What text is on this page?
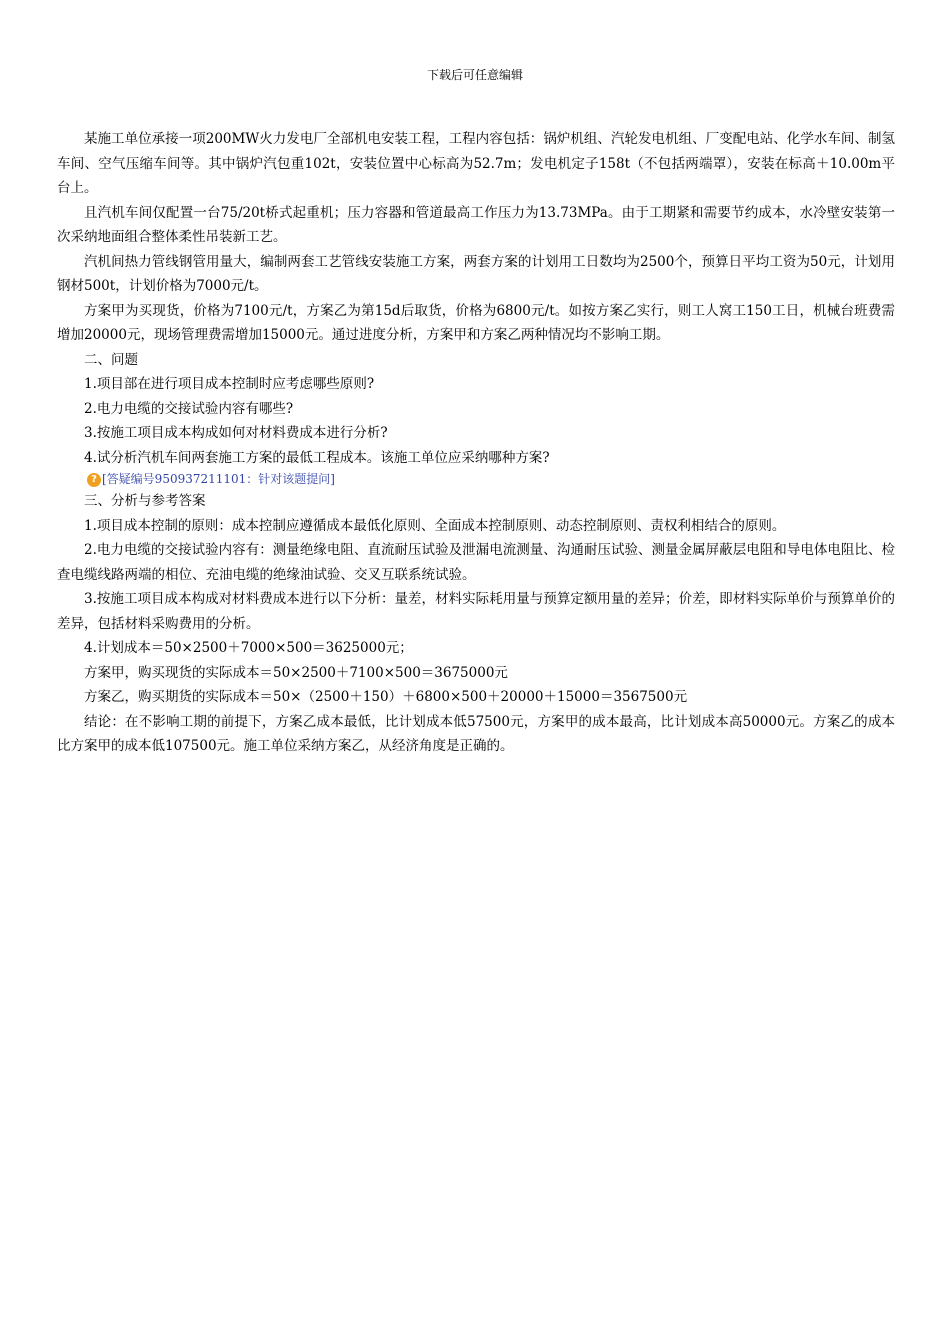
下载后可任意编辑

某施工单位承接一项200MW火力发电厂全部机电安装工程，工程内容包括：锅炉机组、汽轮发电机组、厂变配电站、化学水车间、制氢车间、空气压缩车间等。其中锅炉汽包重102t，安装位置中心标高为52.7m；发电机定子158t（不包括两端罩），安装在标高＋10.00m平台上。

且汽机车间仅配置一台75/20t桥式起重机；压力容器和管道最高工作压力为13.73MPa。由于工期紧和需要节约成本，水冷壁安装第一次采纳地面组合整体柔性吊装新工艺。

汽机间热力管线钢管用量大，编制两套工艺管线安装施工方案，两套方案的计划用工日数均为2500个，预算日平均工资为50元，计划用钢材500t，计划价格为7000元/t。

方案甲为买现货，价格为7100元/t，方案乙为第15d后取货，价格为6800元/t。如按方案乙实行，则工人窝工150工日，机械台班费需增加20000元，现场管理费需增加15000元。通过进度分析，方案甲和方案乙两种情况均不影响工期。

二、问题

1.项目部在进行项目成本控制时应考虑哪些原则?

2.电力电缆的交接试验内容有哪些?

3.按施工项目成本构成如何对材料费成本进行分析?

4.试分析汽机车间两套施工方案的最低工程成本。该施工单位应采纳哪种方案?

? [答疑编号950937211101：针对该题提问]

三、分析与参考答案

1.项目成本控制的原则：成本控制应遵循成本最低化原则、全面成本控制原则、动态控制原则、责权利相结合的原则。

2.电力电缆的交接试验内容有：测量绝缘电阻、直流耐压试验及泄漏电流测量、沟通耐压试验、测量金属屏蔽层电阻和导电体电阻比、检查电缆线路两端的相位、充油电缆的绝缘油试验、交叉互联系统试验。

3.按施工项目成本构成对材料费成本进行以下分析：量差，材料实际耗用量与预算定额用量的差异；价差，即材料实际单价与预算单价的差异，包括材料采购费用的分析。

4.计划成本＝50×2500＋7000×500＝3625000元；

方案甲，购买现货的实际成本＝50×2500＋7100×500＝3675000元

方案乙，购买期货的实际成本＝50×（2500＋150）＋6800×500＋20000＋15000＝3567500元

结论：在不影响工期的前提下，方案乙成本最低，比计划成本低57500元，方案甲的成本最高，比计划成本高50000元。方案乙的成本比方案甲的成本低107500元。施工单位采纳方案乙，从经济角度是正确的。
